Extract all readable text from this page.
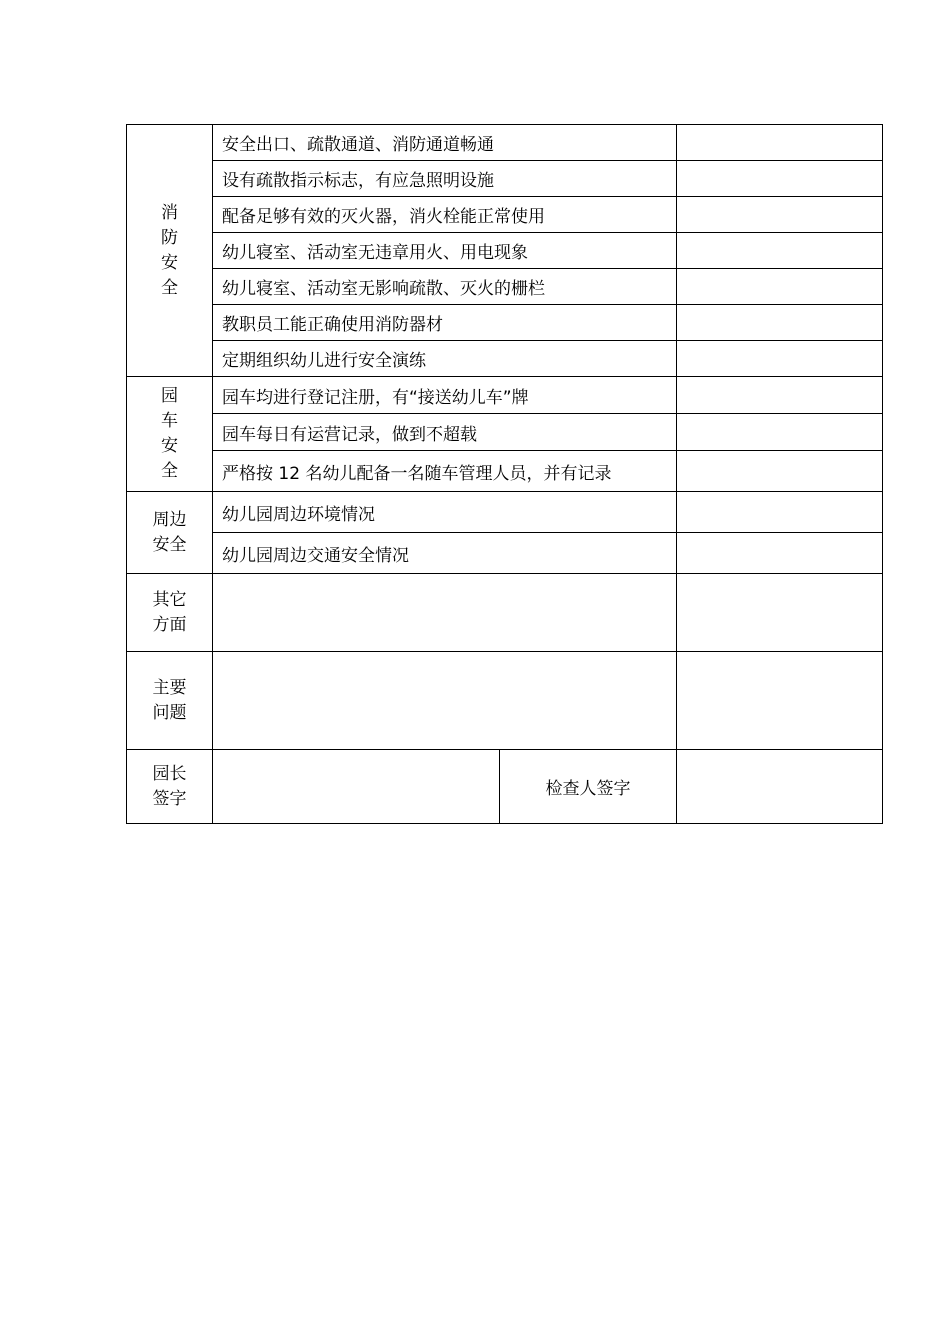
消
防
安
全	安全出口、疏散通道、消防通道畅通		
	设有疏散指示标志，有应急照明设施		
	配备足够有效的灭火器，消火栓能正常使用		
	幼儿寝室、活动室无违章用火、用电现象		
	幼儿寝室、活动室无影响疏散、灭火的栅栏		
	教职员工能正确使用消防器材		
	定期组织幼儿进行安全演练		

园
车
安
全	园车均进行登记注册，有“接送幼儿车”牌		
	园车每日有运营记录，做到不超载		
	严格按 12 名幼儿配备一名随车管理人员，并有记录		

周边
安全	幼儿园周边环境情况		
	幼儿园周边交通安全情况		

其它
方面			

主要
问题			

园长
签字		检查人签字	
